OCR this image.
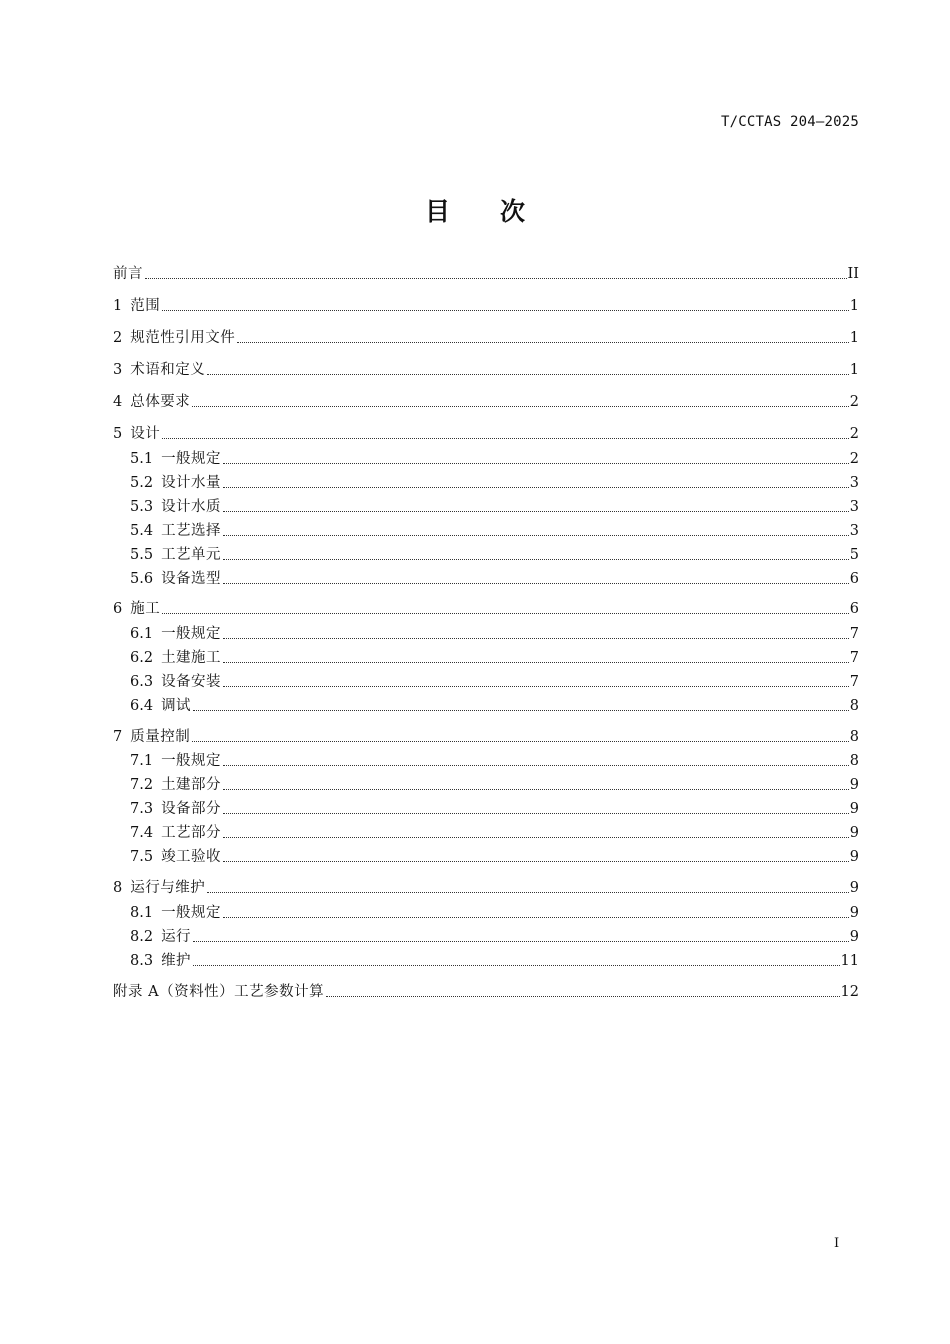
T/CCTAS 204—2025
目次
前言	II
1 范围	1
2 规范性引用文件	1
3 术语和定义	1
4 总体要求	2
5 设计	2
5.1 一般规定	2
5.2 设计水量	3
5.3 设计水质	3
5.4 工艺选择	3
5.5 工艺单元	5
5.6 设备选型	6
6 施工	6
6.1 一般规定	7
6.2 土建施工	7
6.3 设备安装	7
6.4 调试	8
7 质量控制	8
7.1 一般规定	8
7.2 土建部分	9
7.3 设备部分	9
7.4 工艺部分	9
7.5 竣工验收	9
8 运行与维护	9
8.1 一般规定	9
8.2 运行	9
8.3 维护	11
附录 A（资料性）工艺参数计算	12
I
